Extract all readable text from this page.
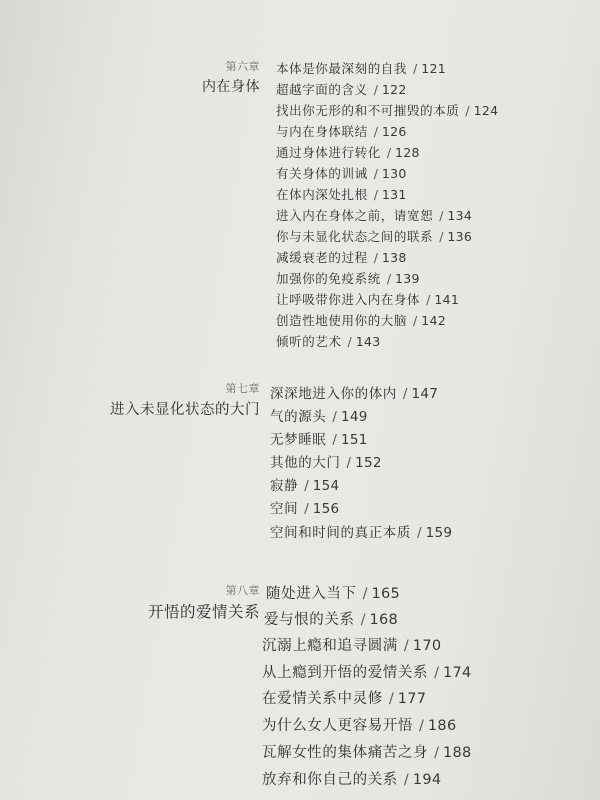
第六章
内在身体
本体是你最深刻的自我 / 121
超越字面的含义 / 122
找出你无形的和不可摧毁的本质 / 124
与内在身体联结 / 126
通过身体进行转化 / 128
有关身体的训诫 / 130
在体内深处扎根 / 131
进入内在身体之前，请宽恕 / 134
你与未显化状态之间的联系 / 136
减缓衰老的过程 / 138
加强你的免疫系统 / 139
让呼吸带你进入内在身体 / 141
创造性地使用你的大脑 / 142
倾听的艺术 / 143
第七章
进入未显化状态的大门
深深地进入你的体内 / 147
气的源头 / 149
无梦睡眠 / 151
其他的大门 / 152
寂静 / 154
空间 / 156
空间和时间的真正本质 / 159
第八章
开悟的爱情关系
随处进入当下 / 165
爱与恨的关系 / 168
沉溺上瘾和追寻圆满 / 170
从上瘾到开悟的爱情关系 / 174
在爱情关系中灵修 / 177
为什么女人更容易开悟 / 186
瓦解女性的集体痛苦之身 / 188
放弃和你自己的关系 / 194
